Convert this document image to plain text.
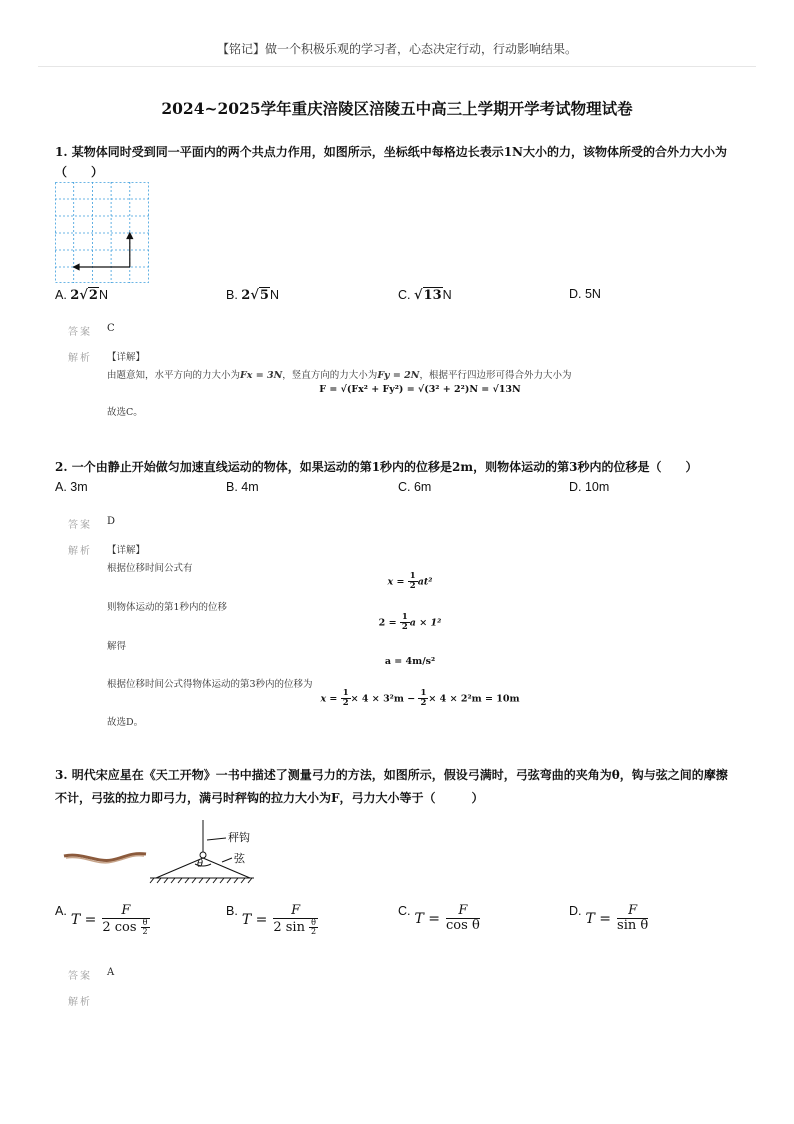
【铭记】做一个积极乐观的学习者，心态决定行动，行动影响结果。
2024~2025学年重庆涪陵区涪陵五中高三上学期开学考试物理试卷
1. 某物体同时受到同一平面内的两个共点力作用，如图所示，坐标纸中每格边长表示1N大小的力，该物体所受的合外力大小为
（　　）
A. 2√2N	B. 2√5N	C. √13N	D. 5N
答案 C
解析 【详解】
由题意知，水平方向的力大小为Fx = 3N，竖直方向的力大小为Fy = 2N，根据平行四边形可得合外力大小为
F = √(Fx² + Fy²) = √(3² + 2²)N = √13N
故选C。
2. 一个由静止开始做匀加速直线运动的物体，如果运动的第1秒内的位移是2m，则物体运动的第3秒内的位移是（　　）
A. 3m	B. 4m	C. 6m	D. 10m
答案 D
解析 【详解】
根据位移时间公式有
$x = \frac{1}{2} at^2$
则物体运动的第1秒内的位移
$2 = \frac{1}{2}$ a × 1²
解得
a = 4m/s²
根据位移时间公式得物体运动的第3秒内的位移为
$x = \frac{1}{2} \times 4 \times 3^2m - \frac{1}{2} \times 4 \times 2^2m = 10m$
故选D。
3. 明代宋应星在《天工开物》一书中描述了测量弓力的方法，如图所示，假设弓满时，弓弦弯曲的夹角为θ，钩与弦之间的摩擦
不计，弓弦的拉力即弓力，满弓时秤钩的拉力大小为F，弓力大小等于（　　　）
秤钩
弦
θ
A.
$T = \frac{F}{2 \cos \frac{\theta}{2}}$	B.
$T = \frac{F}{2 \sin \frac{\theta}{2}}$	C. $T = \frac{F}{\text{cos θ}}$	D. $T = \frac{F}{\text{sin θ}}$
答案 A
解析
